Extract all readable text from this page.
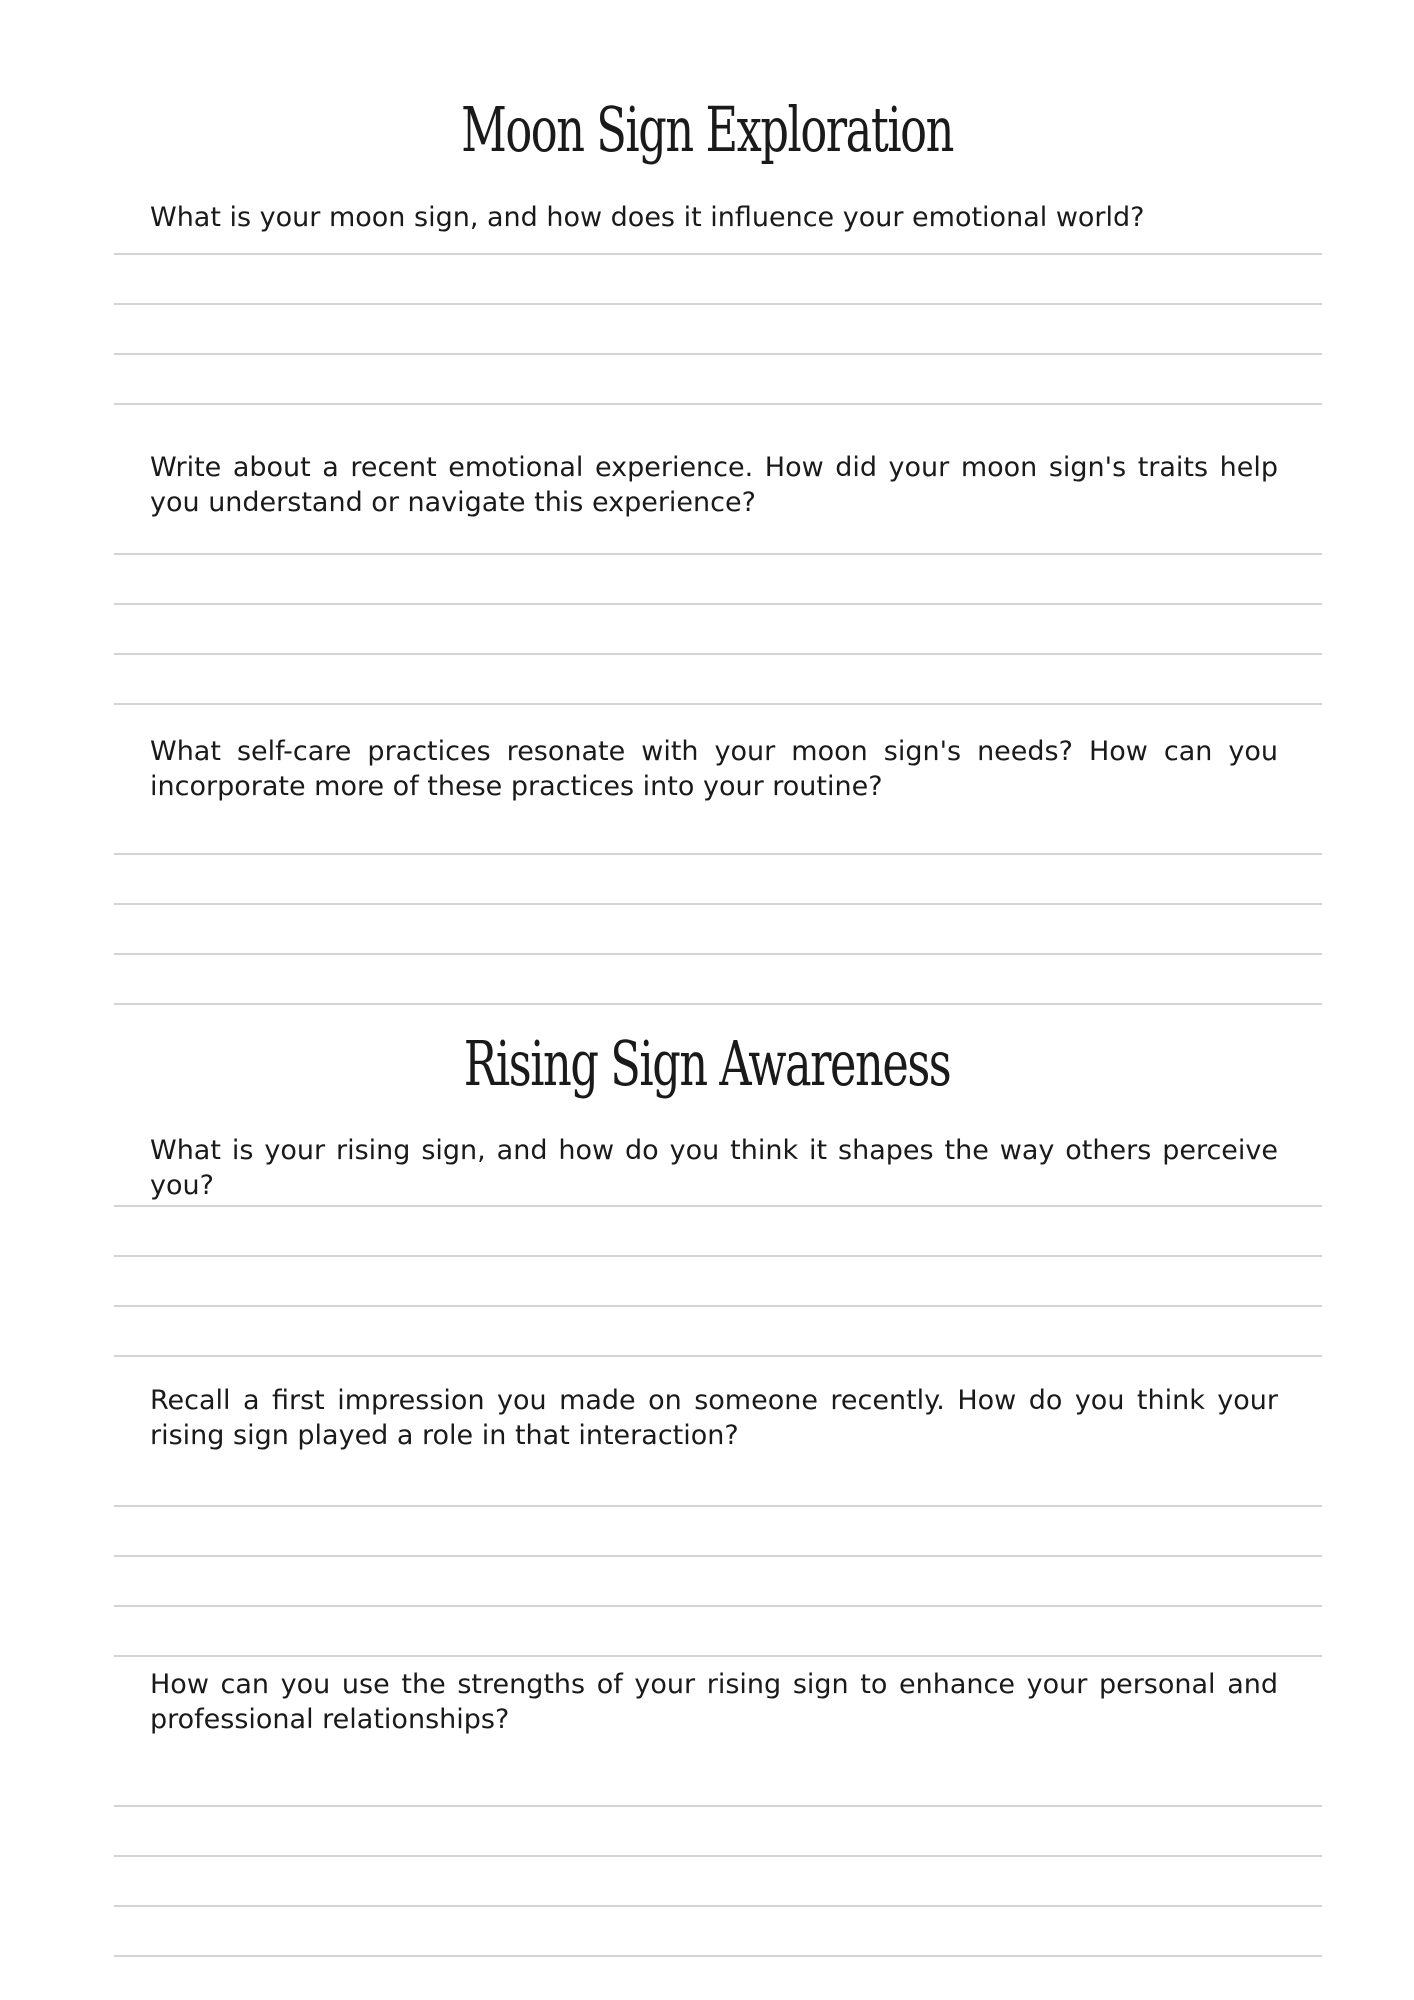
Moon Sign Exploration

What is your moon sign, and how does it influence your emotional world?

Write about a recent emotional experience. How did your moon sign's traits help you understand or navigate this experience?

What self-care practices resonate with your moon sign's needs? How can you incorporate more of these practices into your routine?

Rising Sign Awareness

What is your rising sign, and how do you think it shapes the way others perceive you?

Recall a first impression you made on someone recently. How do you think your rising sign played a role in that interaction?

How can you use the strengths of your rising sign to enhance your personal and professional relationships?
